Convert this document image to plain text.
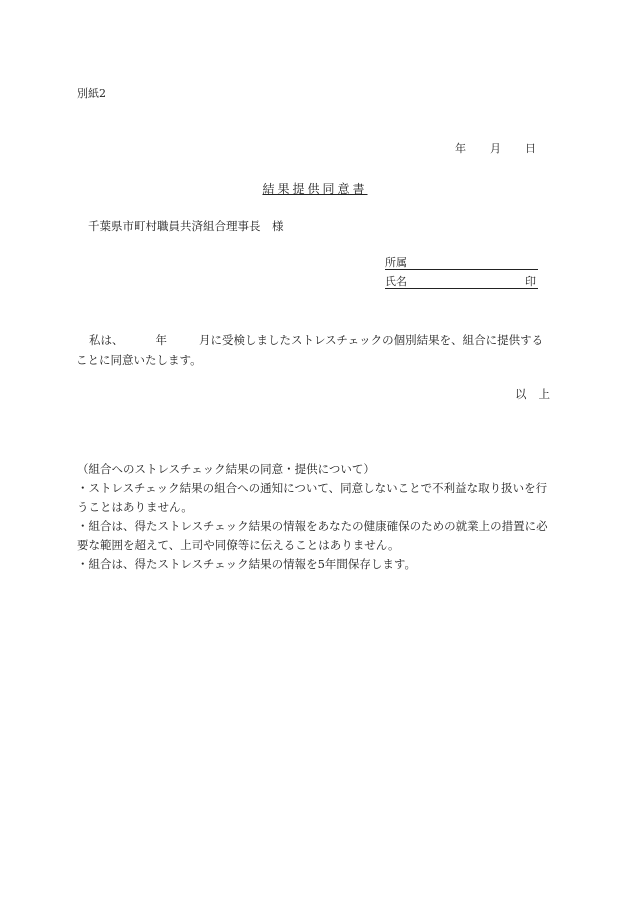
別紙2
年 月 日
結果提供同意書
千葉県市町村職員共済組合理事長　様
所属
氏名	印
私は、	年	月に受検しましたストレスチェックの個別結果を、組合に提供することに同意いたします。
以 上

（組合へのストレスチェック結果の同意・提供について）

・ストレスチェック結果の組合への通知について、同意しないことで不利益な取り扱いを行うことはありません。

・組合は、得たストレスチェック結果の情報をあなたの健康確保のための就業上の措置に必要な範囲を超えて、上司や同僚等に伝えることはありません。

・組合は、得たストレスチェック結果の情報を5年間保存します。
